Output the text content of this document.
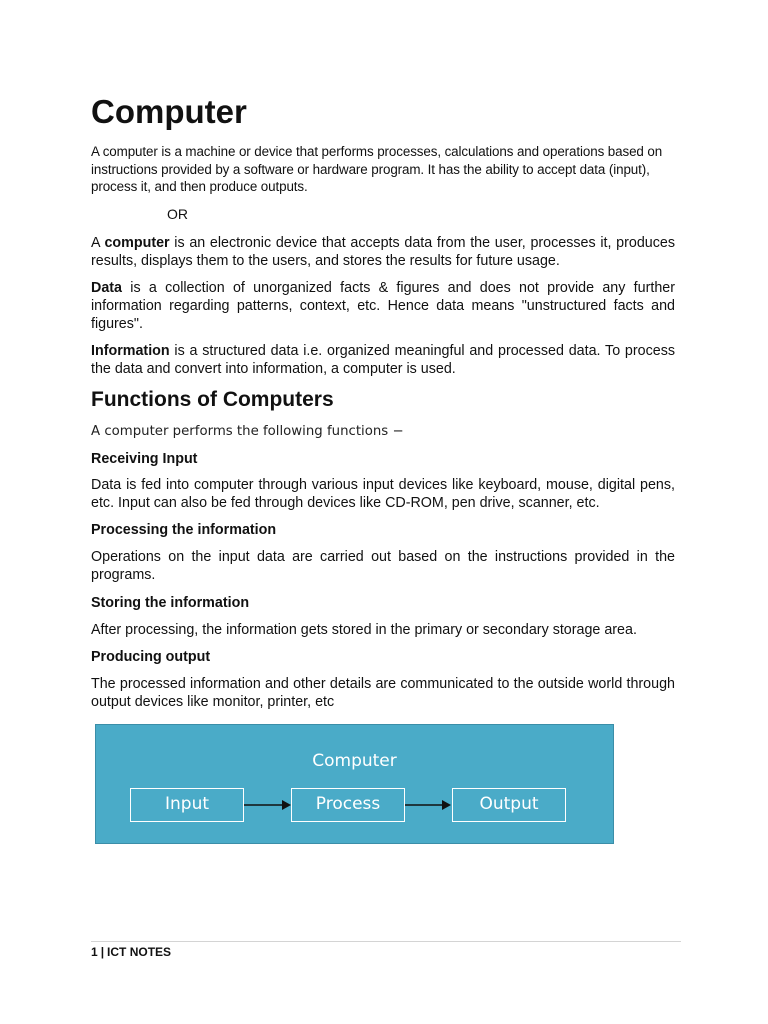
Computer

A computer is a machine or device that performs processes, calculations and operations based on instructions provided by a software or hardware program. It has the ability to accept data (input), process it, and then produce outputs.

OR

A computer is an electronic device that accepts data from the user, processes it, produces results, displays them to the users, and stores the results for future usage.

Data is a collection of unorganized facts & figures and does not provide any further information regarding patterns, context, etc. Hence data means "unstructured facts and figures".

Information is a structured data i.e. organized meaningful and processed data. To process the data and convert into information, a computer is used.

Functions of Computers

A computer performs the following functions −

Receiving Input

Data is fed into computer through various input devices like keyboard, mouse, digital pens, etc. Input can also be fed through devices like CD-ROM, pen drive, scanner, etc.

Processing the information

Operations on the input data are carried out based on the instructions provided in the programs.

Storing the information

After processing, the information gets stored in the primary or secondary storage area.

Producing output

The processed information and other details are communicated to the outside world through output devices like monitor, printer, etc

Computer
Input	Process	Output
1 | ICT NOTES
